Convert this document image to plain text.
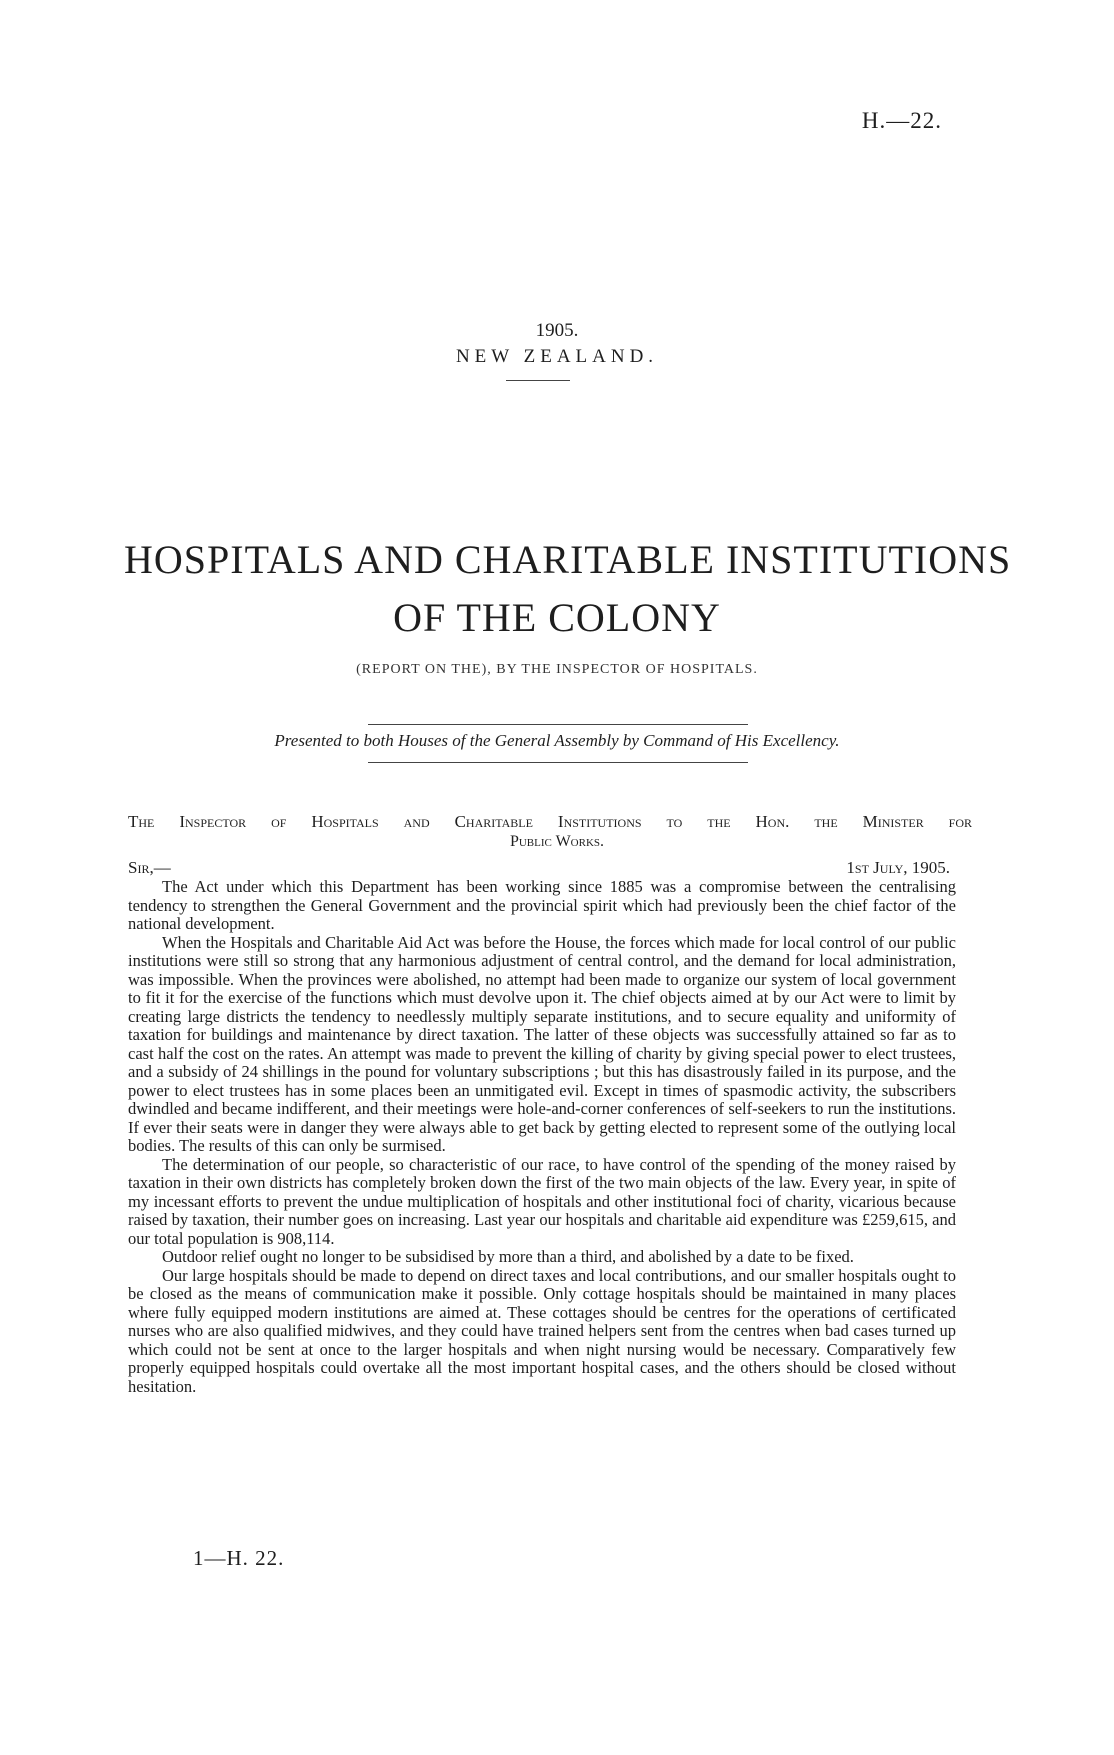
H.—22.
1905.
NEW ZEALAND.
HOSPITALS AND CHARITABLE INSTITUTIONS
OF THE COLONY
(REPORT ON THE), BY THE INSPECTOR OF HOSPITALS.
Presented to both Houses of the General Assembly by Command of His Excellency.
The Inspector of Hospitals and Charitable Institutions to the Hon. the Minister for
Public Works.
Sir,—	1st July, 1905.

The Act under which this Department has been working since 1885 was a compromise between the centralising tendency to strengthen the General Government and the provincial spirit which had previously been the chief factor of the national development.

When the Hospitals and Charitable Aid Act was before the House, the forces which made for local control of our public institutions were still so strong that any harmonious adjustment of central control, and the demand for local administration, was impossible. When the provinces were abolished, no attempt had been made to organize our system of local government to fit it for the exercise of the functions which must devolve upon it. The chief objects aimed at by our Act were to limit by creating large districts the tendency to needlessly multiply separate institutions, and to secure equality and uniformity of taxation for buildings and maintenance by direct taxation. The latter of these objects was successfully attained so far as to cast half the cost on the rates. An attempt was made to prevent the killing of charity by giving special power to elect trustees, and a subsidy of 24 shillings in the pound for voluntary subscriptions ; but this has disastrously failed in its purpose, and the power to elect trustees has in some places been an unmitigated evil. Except in times of spasmodic activity, the subscribers dwindled and became indifferent, and their meetings were hole-and-corner conferences of self-seekers to run the institutions. If ever their seats were in danger they were always able to get back by getting elected to represent some of the outlying local bodies. The results of this can only be surmised.

The determination of our people, so characteristic of our race, to have control of the spending of the money raised by taxation in their own districts has completely broken down the first of the two main objects of the law. Every year, in spite of my incessant efforts to prevent the undue multiplication of hospitals and other institutional foci of charity, vicarious because raised by taxation, their number goes on increasing. Last year our hospitals and charitable aid expenditure was £259,615, and our total population is 908,114.

Outdoor relief ought no longer to be subsidised by more than a third, and abolished by a date to be fixed.

Our large hospitals should be made to depend on direct taxes and local contributions, and our smaller hospitals ought to be closed as the means of communication make it possible. Only cottage hospitals should be maintained in many places where fully equipped modern institutions are aimed at. These cottages should be centres for the operations of certificated nurses who are also qualified midwives, and they could have trained helpers sent from the centres when bad cases turned up which could not be sent at once to the larger hospitals and when night nursing would be necessary. Comparatively few properly equipped hospitals could overtake all the most important hospital cases, and the others should be closed without hesitation.

1—H. 22.
